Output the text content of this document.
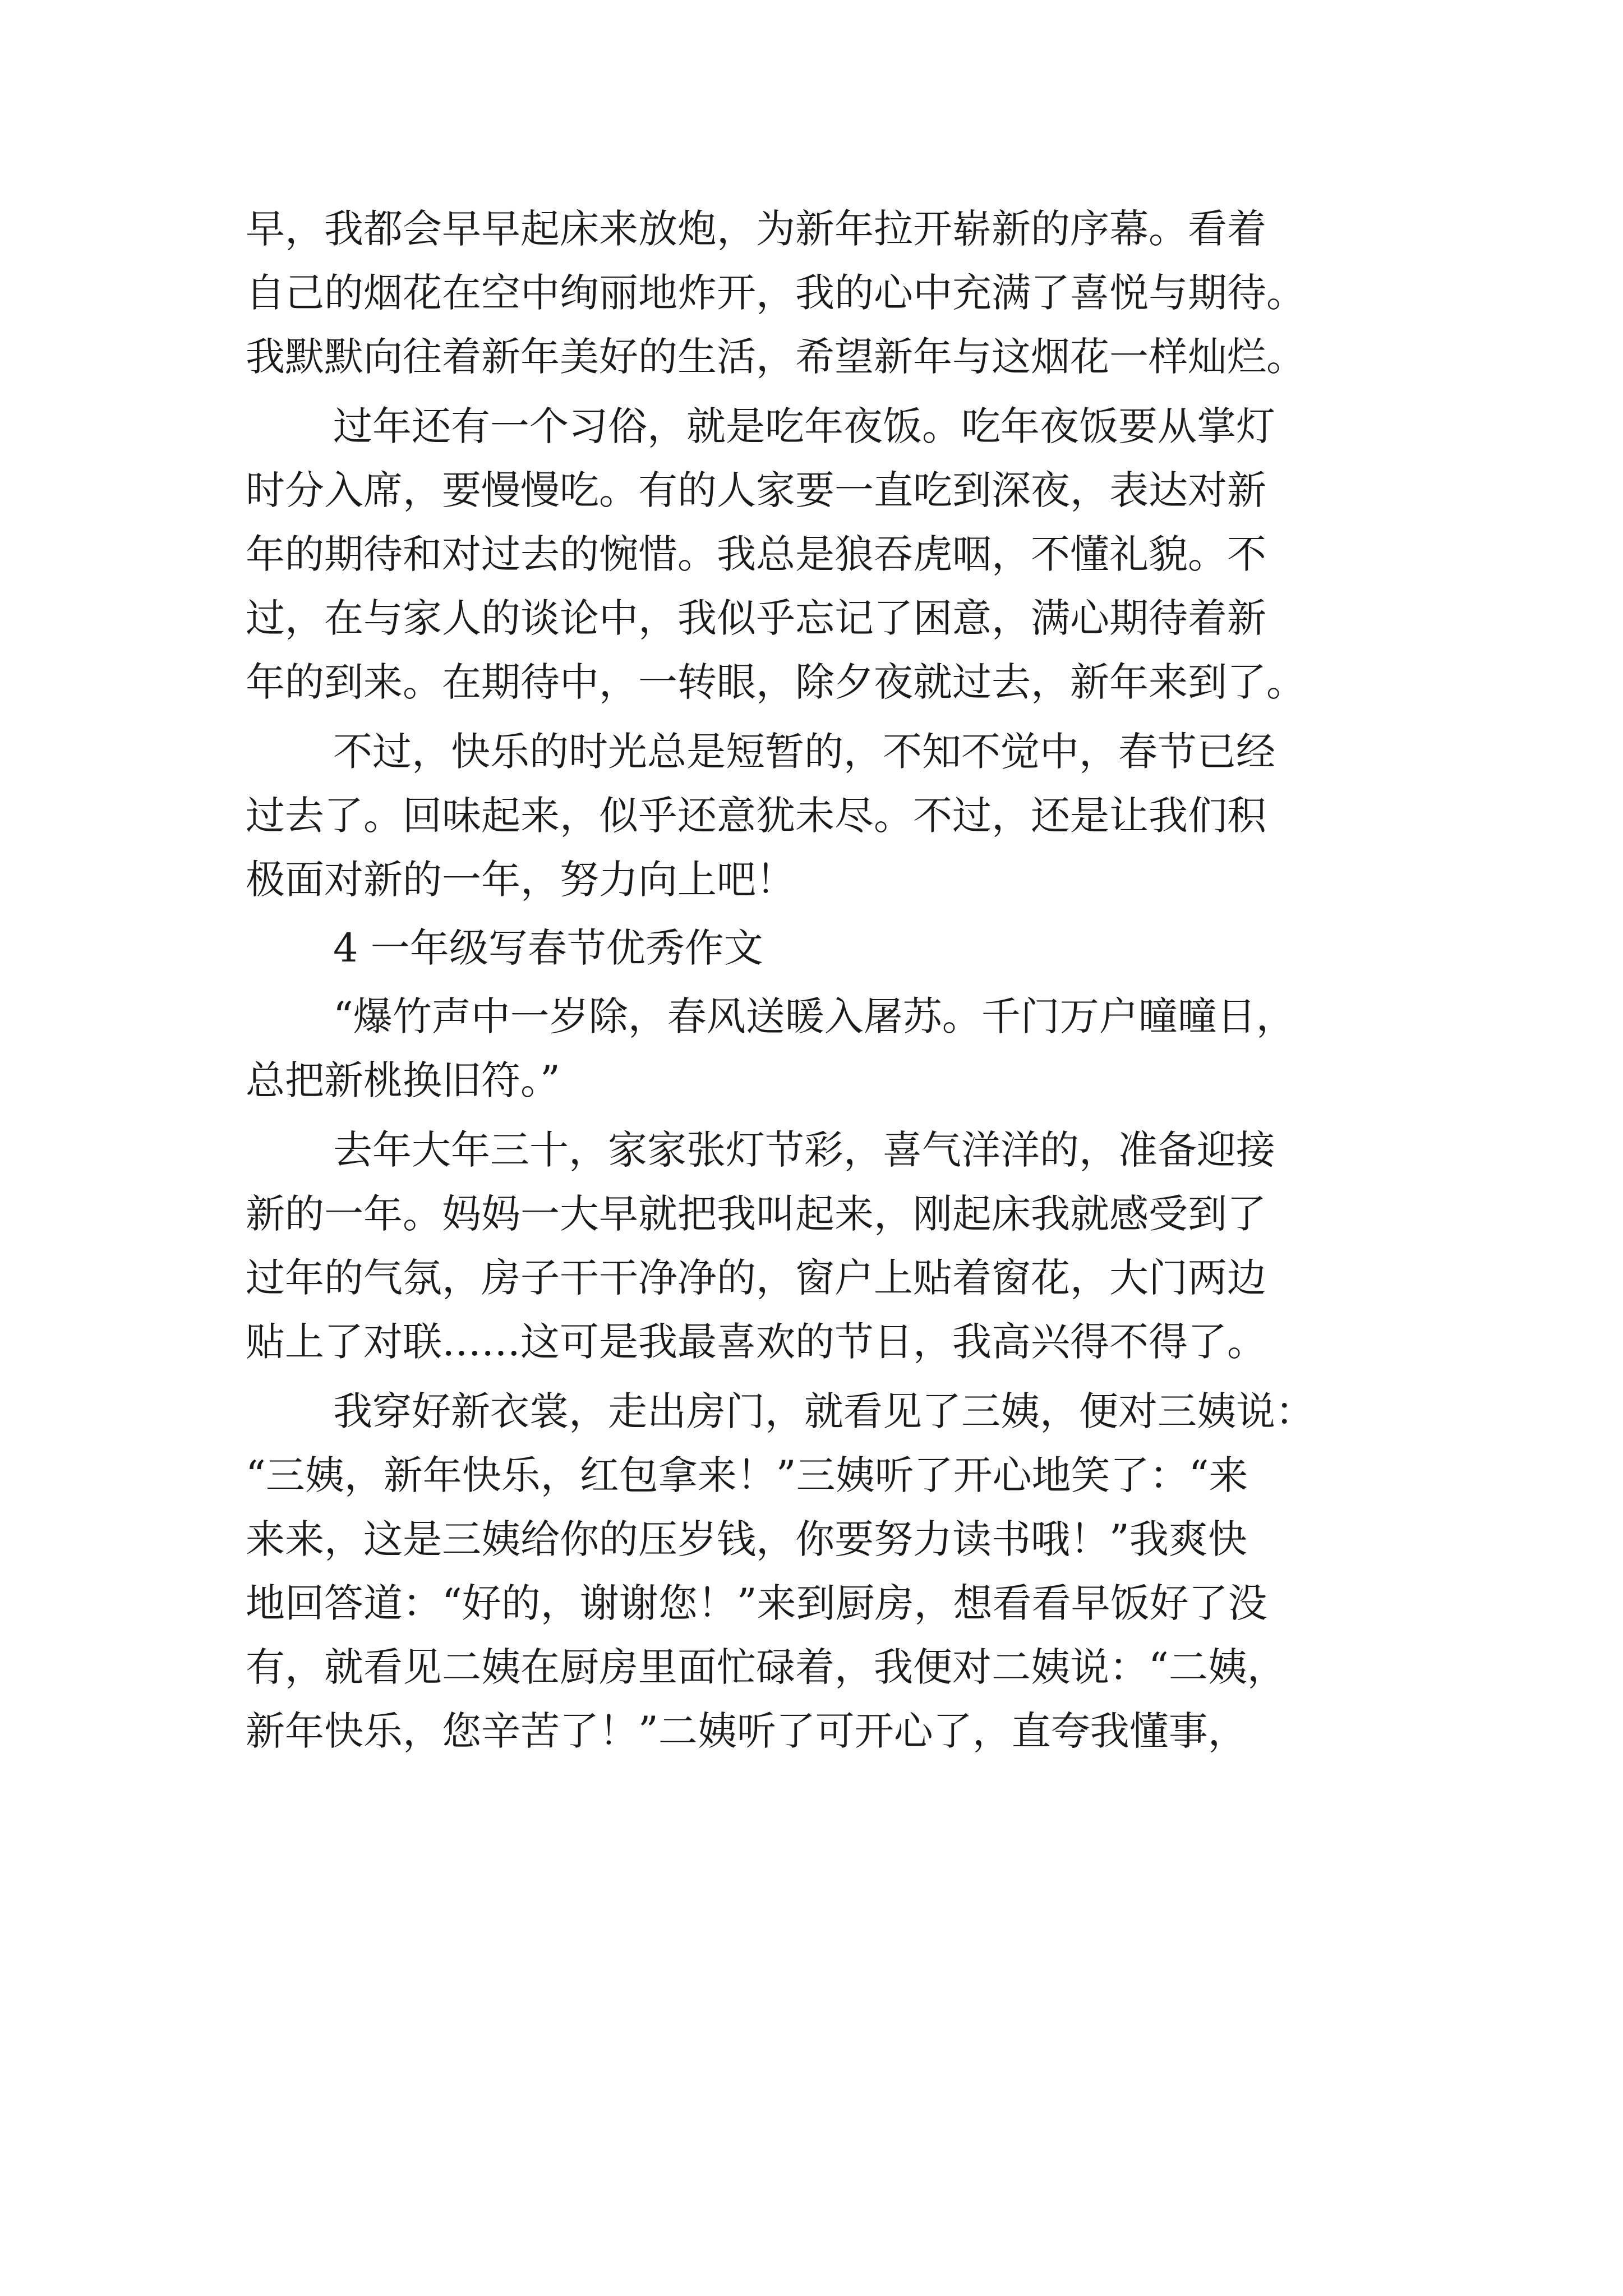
早，我都会早早起床来放炮，为新年拉开崭新的序幕。看着
自己的烟花在空中绚丽地炸开，我的心中充满了喜悦与期待。
我默默向往着新年美好的生活，希望新年与这烟花一样灿烂。
过年还有一个习俗，就是吃年夜饭。吃年夜饭要从掌灯
时分入席，要慢慢吃。有的人家要一直吃到深夜，表达对新
年的期待和对过去的惋惜。我总是狼吞虎咽，不懂礼貌。不
过，在与家人的谈论中，我似乎忘记了困意，满心期待着新
年的到来。在期待中，一转眼，除夕夜就过去，新年来到了。
不过，快乐的时光总是短暂的，不知不觉中，春节已经
过去了。回味起来，似乎还意犹未尽。不过，还是让我们积
极面对新的一年，努力向上吧！
4 一年级写春节优秀作文
“爆竹声中一岁除，春风送暖入屠苏。千门万户曈曈日，
总把新桃换旧符。”
去年大年三十，家家张灯节彩，喜气洋洋的，准备迎接
新的一年。妈妈一大早就把我叫起来，刚起床我就感受到了
过年的气氛，房子干干净净的，窗户上贴着窗花，大门两边
贴上了对联……这可是我最喜欢的节日，我高兴得不得了。
我穿好新衣裳，走出房门，就看见了三姨，便对三姨说：
“三姨，新年快乐，红包拿来！”三姨听了开心地笑了：“来
来来，这是三姨给你的压岁钱，你要努力读书哦！”我爽快
地回答道：“好的，谢谢您！”来到厨房，想看看早饭好了没
有，就看见二姨在厨房里面忙碌着，我便对二姨说：“二姨，
新年快乐，您辛苦了！”二姨听了可开心了，直夸我懂事，
